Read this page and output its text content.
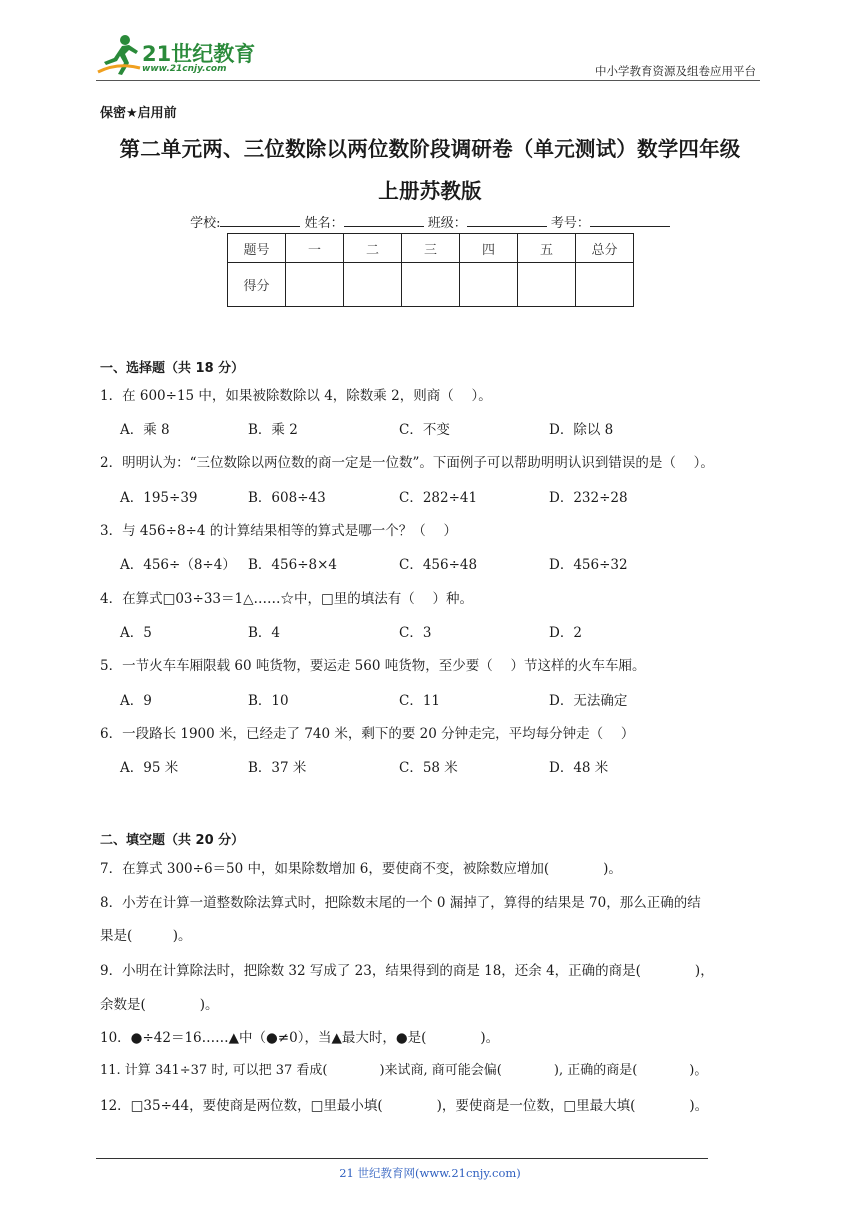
21世纪教育
www.21cnjy.com	中小学教育资源及组卷应用平台
保密★启用前
第二单元两、三位数除以两位数阶段调研卷（单元测试）数学四年级
上册苏教版
学校:	姓名：	班级：	考号：
题号	一	二	三	四	五	总分
得分						
一、选择题（共 18 分）
1．在 600÷15 中，如果被除数除以 4，除数乘 2，则商（　 ）。
A．乘 8	B．乘 2	C．不变	D．除以 8
2．明明认为：“三位数除以两位数的商一定是一位数”。下面例子可以帮助明明认识到错误的是（　 ）。
A．195÷39	B．608÷43	C．282÷41	D．232÷28
3．与 456÷8÷4 的计算结果相等的算式是哪一个？（　 ）
A．456÷（8÷4） B．456÷8×4	C．456÷48	D．456÷32
4．在算式□03÷33＝1△……☆中，□里的填法有（　 ）种。
A．5	B．4	C．3	D．2
5．一节火车车厢限载 60 吨货物，要运走 560 吨货物，至少要（　 ）节这样的火车车厢。
A．9	B．10	C．11	D．无法确定
6．一段路长 1900 米，已经走了 740 米，剩下的要 20 分钟走完，平均每分钟走（　 ）
A．95 米	B．37 米	C．58 米	D．48 米
二、填空题（共 20 分）
7．在算式 300÷6＝50 中，如果除数增加 6，要使商不变，被除数应增加(　　　　)。
8．小芳在计算一道整数除法算式时，把除数末尾的一个 0 漏掉了，算得的结果是 70，那么正确的结
果是(　　　)。
9．小明在计算除法时，把除数 32 写成了 23，结果得到的商是 18，还余 4，正确的商是(　　　　)，
余数是(　　　　)。
10．●÷42＝16……▲中（●≠0），当▲最大时，●是(　　　　)。
11. 计算 341÷37 时, 可以把 37 看成(　　　　)来试商, 商可能会偏(　　　　), 正确的商是(　　　　)。
12．□35÷44，要使商是两位数，□里最小填(　　　　)，要使商是一位数，□里最大填(　　　　)。
21 世纪教育网(www.21cnjy.com)
